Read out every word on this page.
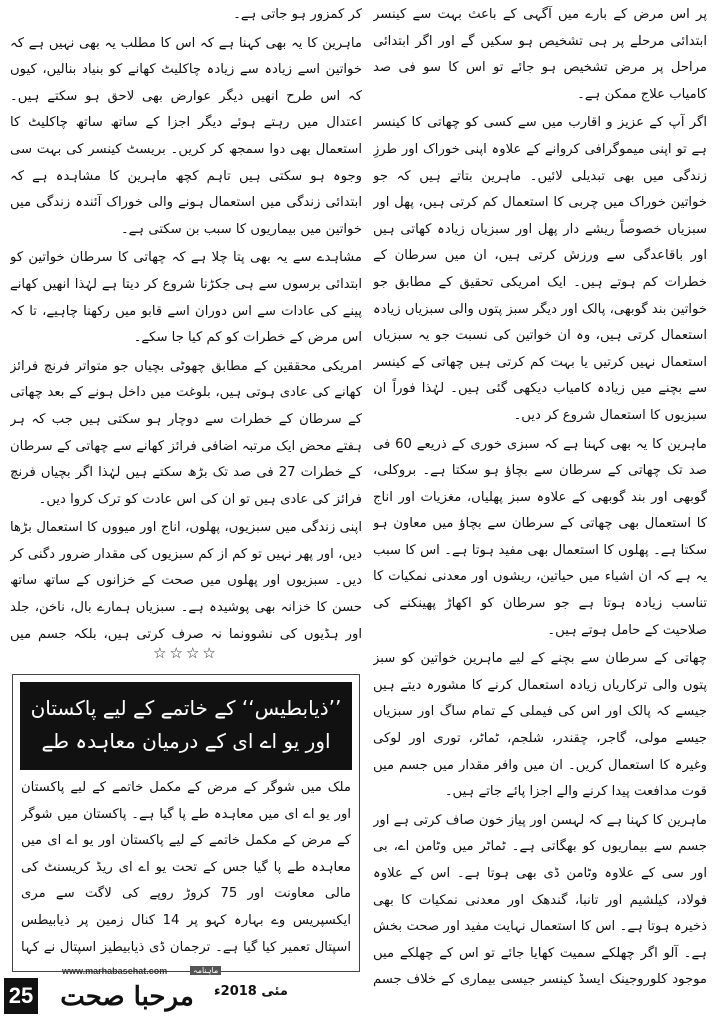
پر اس مرض کے بارے میں آگہی کے باعث بہت سے کینسر ابتدائی مرحلے پر ہی تشخیص ہو سکیں گے اور اگر ابتدائی مراحل پر مرض تشخیص ہو جائے تو اس کا سو فی صد کامیاب علاج ممکن ہے۔

اگر آپ کے عزیز و اقارب میں سے کسی کو چھاتی کا کینسر ہے تو اپنی میموگرافی کروانے کے علاوہ اپنی خوراک اور طرزِ زندگی میں بھی تبدیلی لائیں۔ ماہرین بتاتے ہیں کہ جو خواتین خوراک میں چربی کا استعمال کم کرتی ہیں، پھل اور سبزیاں خصوصاً ریشے دار پھل اور سبزیاں زیادہ کھاتی ہیں اور باقاعدگی سے ورزش کرتی ہیں، ان میں سرطان کے خطرات کم ہوتے ہیں۔ ایک امریکی تحقیق کے مطابق جو خواتین بند گوبھی، پالک اور دیگر سبز پتوں والی سبزیاں زیادہ استعمال کرتی ہیں، وہ ان خواتین کی نسبت جو یہ سبزیاں استعمال نہیں کرتیں یا بہت کم کرتی ہیں چھاتی کے کینسر سے بچنے میں زیادہ کامیاب دیکھی گئی ہیں۔ لہٰذا فوراً ان سبزیوں کا استعمال شروع کر دیں۔

ماہرین کا یہ بھی کہنا ہے کہ سبزی خوری کے ذریعے 60 فی صد تک چھاتی کے سرطان سے بچاؤ ہو سکتا ہے۔ بروکلی، گوبھی اور بند گوبھی کے علاوہ سبز پھلیاں، مغزیات اور اناج کا استعمال بھی چھاتی کے سرطان سے بچاؤ میں معاون ہو سکتا ہے۔ پھلوں کا استعمال بھی مفید ہوتا ہے۔ اس کا سبب یہ ہے کہ ان اشیاء میں حیاتین، ریشوں اور معدنی نمکیات کا تناسب زیادہ ہوتا ہے جو سرطان کو اکھاڑ پھینکنے کی صلاحیت کے حامل ہوتے ہیں۔

چھاتی کے سرطان سے بچنے کے لیے ماہرین خواتین کو سبز پتوں والی ترکاریاں زیادہ استعمال کرنے کا مشورہ دیتے ہیں جیسے کہ پالک اور اس کی فیملی کے تمام ساگ اور سبزیاں جیسے مولی، گاجر، چقندر، شلجم، ٹماٹر، توری اور لوکی وغیرہ کا استعمال کریں۔ ان میں وافر مقدار میں جسم میں قوت مدافعت پیدا کرنے والے اجزا پائے جاتے ہیں۔

ماہرین کا کہنا ہے کہ لہسن اور پیاز خون صاف کرتی ہے اور جسم سے بیماریوں کو بھگاتی ہے۔ ٹماٹر میں وٹامن اے، بی اور سی کے علاوہ وٹامن ڈی بھی ہوتا ہے۔ اس کے علاوہ فولاد، کیلشیم اور تانبا، گندھک اور معدنی نمکیات کا بھی ذخیرہ ہوتا ہے۔ اس کا استعمال نہایت مفید اور صحت بخش ہے۔ آلو اگر چھلکے سمیت کھایا جائے تو اس کے چھلکے میں موجود کلوروجینک ایسڈ کینسر جیسی بیماری کے خلاف جسم

کر کمزور ہو جاتی ہے۔

ماہرین کا یہ بھی کہنا ہے کہ اس کا مطلب یہ بھی نہیں ہے کہ خواتین اسے زیادہ سے زیادہ چاکلیٹ کھانے کو بنیاد بنالیں، کیوں کہ اس طرح انھیں دیگر عوارض بھی لاحق ہو سکتے ہیں۔ اعتدال میں رہتے ہوئے دیگر اجزا کے ساتھ ساتھ چاکلیٹ کا استعمال بھی دوا سمجھ کر کریں۔ بریسٹ کینسر کی بہت سی وجوہ ہو سکتی ہیں تاہم کچھ ماہرین کا مشاہدہ ہے کہ ابتدائی زندگی میں استعمال ہونے والی خوراک آئندہ زندگی میں خواتین میں بیماریوں کا سبب بن سکتی ہے۔

مشاہدے سے یہ بھی پتا چلا ہے کہ چھاتی کا سرطان خواتین کو ابتدائی برسوں سے ہی جکڑنا شروع کر دیتا ہے لہٰذا انھیں کھانے پینے کی عادات سے اس دوران اسے قابو میں رکھنا چاہیے، تا کہ اس مرض کے خطرات کو کم کیا جا سکے۔

امریکی محققین کے مطابق چھوٹی بچیاں جو متواتر فرنچ فرائز کھانے کی عادی ہوتی ہیں، بلوغت میں داخل ہونے کے بعد چھاتی کے سرطان کے خطرات سے دوچار ہو سکتی ہیں جب کہ ہر ہفتے محض ایک مرتبہ اضافی فرائز کھانے سے چھاتی کے سرطان کے خطرات 27 فی صد تک بڑھ سکتے ہیں لہٰذا اگر بچیاں فرنچ فرائز کی عادی ہیں تو ان کی اس عادت کو ترک کروا دیں۔

اپنی زندگی میں سبزیوں، پھلوں، اناج اور میووں کا استعمال بڑھا دیں، اور پھر نہیں تو کم از کم سبزیوں کی مقدار ضرور دگنی کر دیں۔ سبزیوں اور پھلوں میں صحت کے خزانوں کے ساتھ ساتھ حسن کا خزانہ بھی پوشیدہ ہے۔ سبزیاں ہمارے بال، ناخن، جلد اور ہڈیوں کی نشوونما نہ صرف کرتی ہیں، بلکہ جسم میں

☆☆☆☆
’’ذیابطیس‘‘ کے خاتمے کے لیے پاکستان
اور یو اے ای کے درمیان معاہدہ طے

ملک میں شوگر کے مرض کے مکمل خاتمے کے لیے پاکستان اور یو اے ای میں معاہدہ طے پا گیا ہے۔ پاکستان میں شوگر کے مرض کے مکمل خاتمے کے لیے پاکستان اور یو اے ای میں معاہدہ طے پا گیا جس کے تحت یو اے ای ریڈ کریسنٹ کی مالی معاونت اور 75 کروڑ روپے کی لاگت سے مری ایکسپریس وے بہارہ کہو پر 14 کنال زمین پر ذیابیطس اسپتال تعمیر کیا گیا ہے۔ ترجمان ڈی ذیابیطیز اسپتال نے کہا

25
www.marhabasehat.com	ماہنامہ
مرحبا صحت	مئی 2018ء
